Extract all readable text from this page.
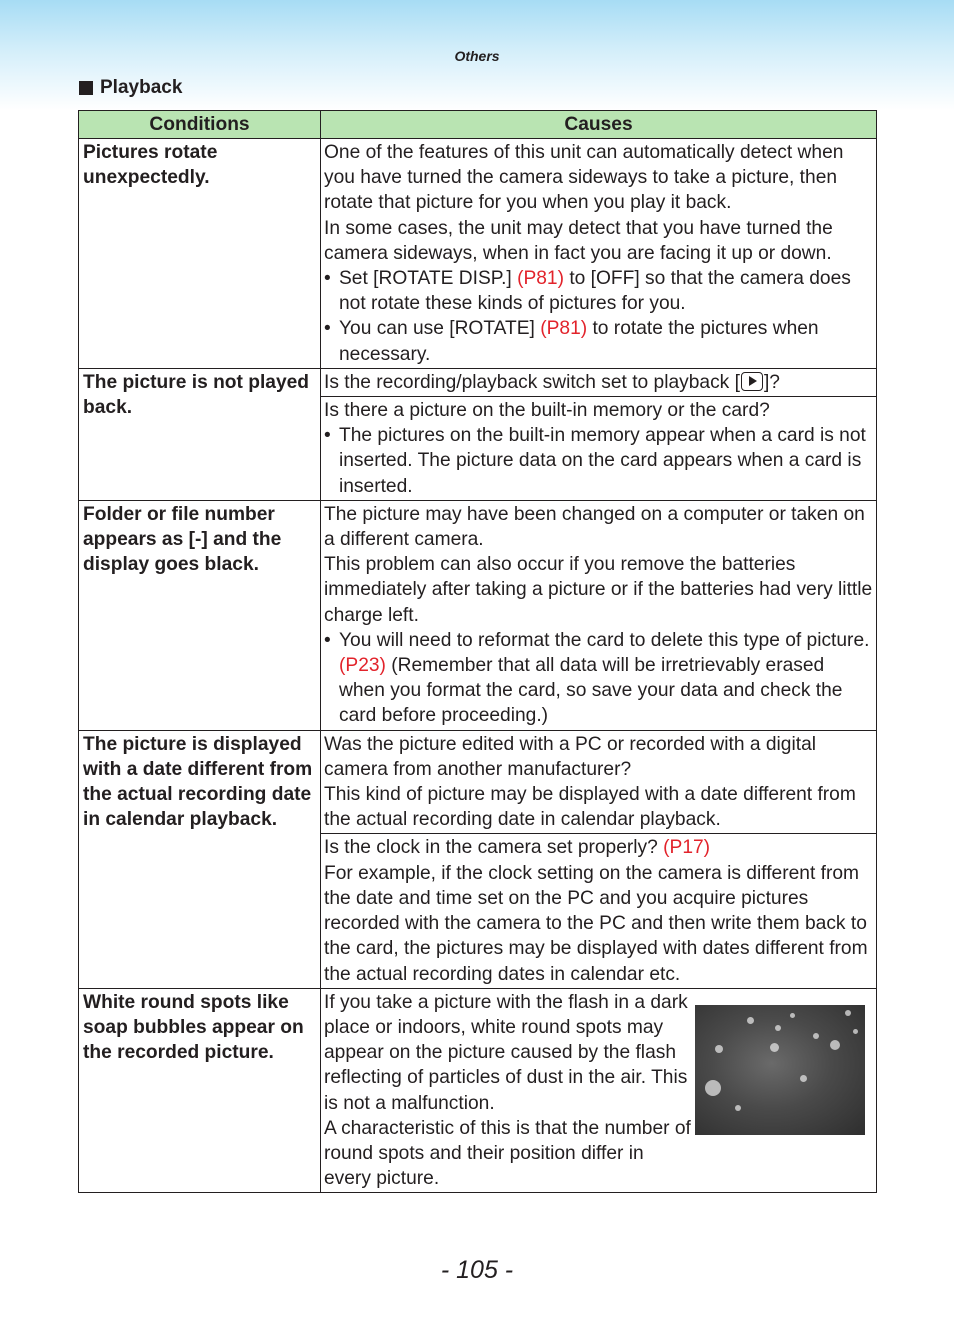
Others
Playback
Conditions	Causes
Pictures rotate unexpectedly.	One of the features of this unit can automatically detect when you have turned the camera sideways to take a picture, then rotate that picture for you when you play it back.
In some cases, the unit may detect that you have turned the camera sideways, when in fact you are facing it up or down.
• Set [ROTATE DISP.] (P81) to [OFF] so that the camera does not rotate these kinds of pictures for you.
• You can use [ROTATE] (P81) to rotate the pictures when necessary.

The picture is not played back.	Is the recording/playback switch set to playback [ ]?

	Is there a picture on the built-in memory or the card?
• The pictures on the built-in memory appear when a card is not inserted. The picture data on the card appears when a card is inserted.

Folder or file number appears as [-] and the display goes black.	The picture may have been changed on a computer or taken on a different camera.
This problem can also occur if you remove the batteries immediately after taking a picture or if the batteries had very little charge left.
• You will need to reformat the card to delete this type of picture. (P23) (Remember that all data will be irretrievably erased when you format the card, so save your data and check the card before proceeding.)

The picture is displayed with a date different from the actual recording date in calendar playback.	Was the picture edited with a PC or recorded with a digital camera from another manufacturer?
This kind of picture may be displayed with a date different from the actual recording date in calendar playback.

	Is the clock in the camera set properly? (P17)
For example, if the clock setting on the camera is different from the date and time set on the PC and you acquire pictures recorded with the camera to the PC and then write them back to the card, the pictures may be displayed with dates different from the actual recording dates in calendar etc.

White round spots like soap bubbles appear on the recorded picture.	If you take a picture with the flash in a dark place or indoors, white round spots may appear on the picture caused by the flash reflecting of particles of dust in the air. This is not a malfunction.
A characteristic of this is that the number of round spots and their position differ in every picture.
- 105 -
